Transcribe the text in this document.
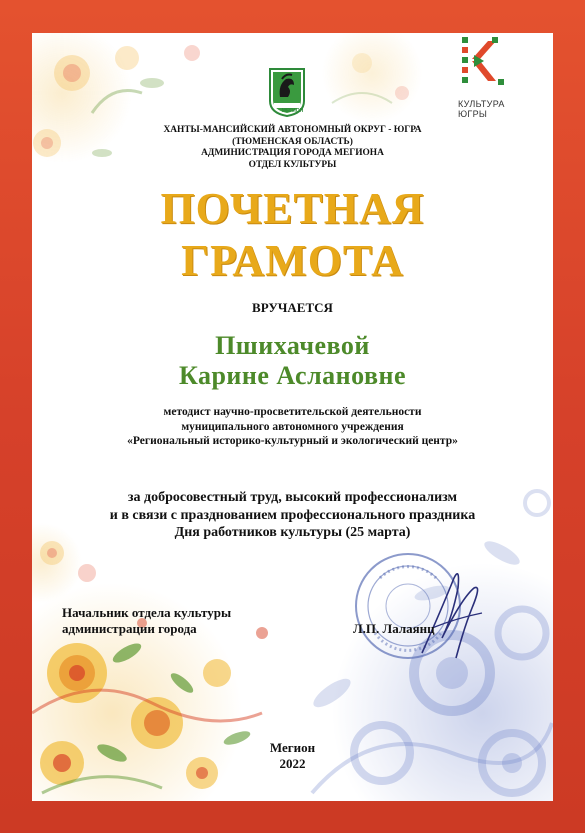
МЕГИОН
КУЛЬТУРА
ЮГРЫ
ХАНТЫ-МАНСИЙСКИЙ АВТОНОМНЫЙ ОКРУГ - ЮГРА
(ТЮМЕНСКАЯ ОБЛАСТЬ)
АДМИНИСТРАЦИЯ ГОРОДА МЕГИОНА
ОТДЕЛ КУЛЬТУРЫ
ПОЧЕТНАЯ
ГРАМОТА
ВРУЧАЕТСЯ
Пшихачевой
Карине Аслановне
методист научно-просветительской деятельности
муниципального автономного учреждения
«Региональный историко-культурный и экологический центр»
за добросовестный труд, высокий профессионализм
и в связи с празднованием профессионального праздника
Дня работников культуры (25 марта)
Начальник отдела культуры
администрации города	Л.П. Лалаянц
Мегион
2022
